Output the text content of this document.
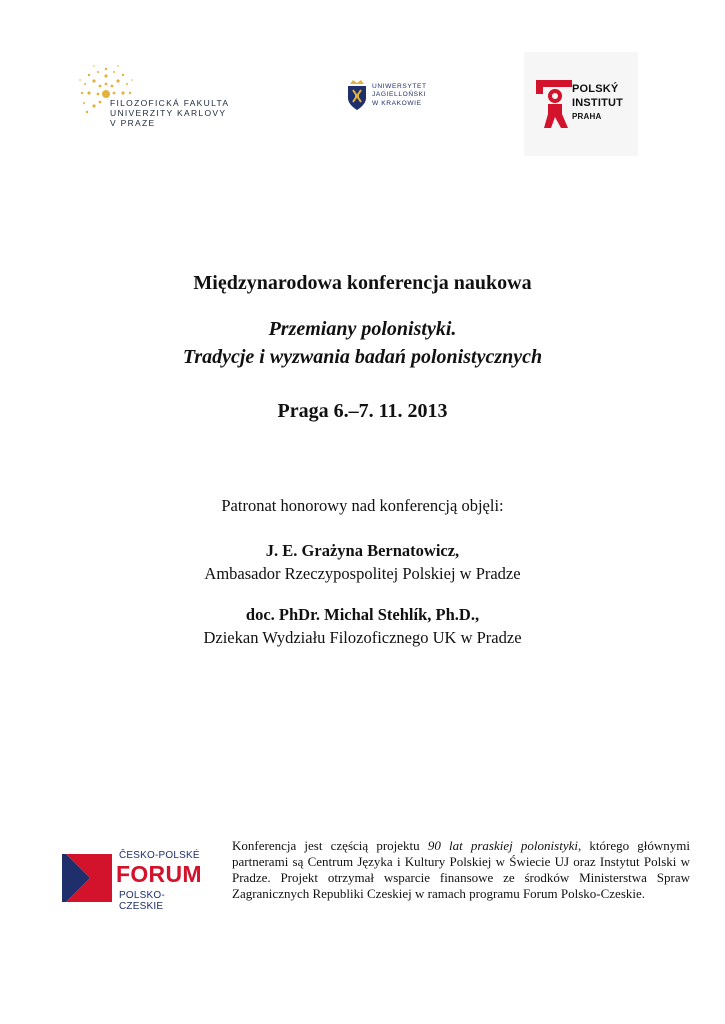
FILOZOFICKÁ FAKULTA
UNIVERZITY KARLOVY
V PRAZE
UNIWERSYTET
JAGIELLOŃSKI
W KRAKOWIE
POLSKÝ
INSTITUT
PRAHA
Międzynarodowa konferencja naukowa
Przemiany polonistyki.
Tradycje i wyzwania badań polonistycznych
Praga 6.–7. 11. 2013
Patronat honorowy nad konferencją objęli:
J. E. Grażyna Bernatowicz,
Ambasador Rzeczypospolitej Polskiej w Pradze
doc. PhDr. Michal Stehlík, Ph.D.,
Dziekan Wydziału Filozoficznego UK w Pradze
ČESKO-POLSKÉ
FORUM
POLSKO-CZESKIE
Konferencja jest częścią projektu 90 lat praskiej polonistyki, którego głównymi partnerami są Centrum Języka i Kultury Polskiej w Świecie UJ oraz Instytut Polski w Pradze. Projekt otrzymał wsparcie finansowe ze środków Ministerstwa Spraw Zagranicznych Republiki Czeskiej w ramach programu Forum Polsko-Czeskie.
